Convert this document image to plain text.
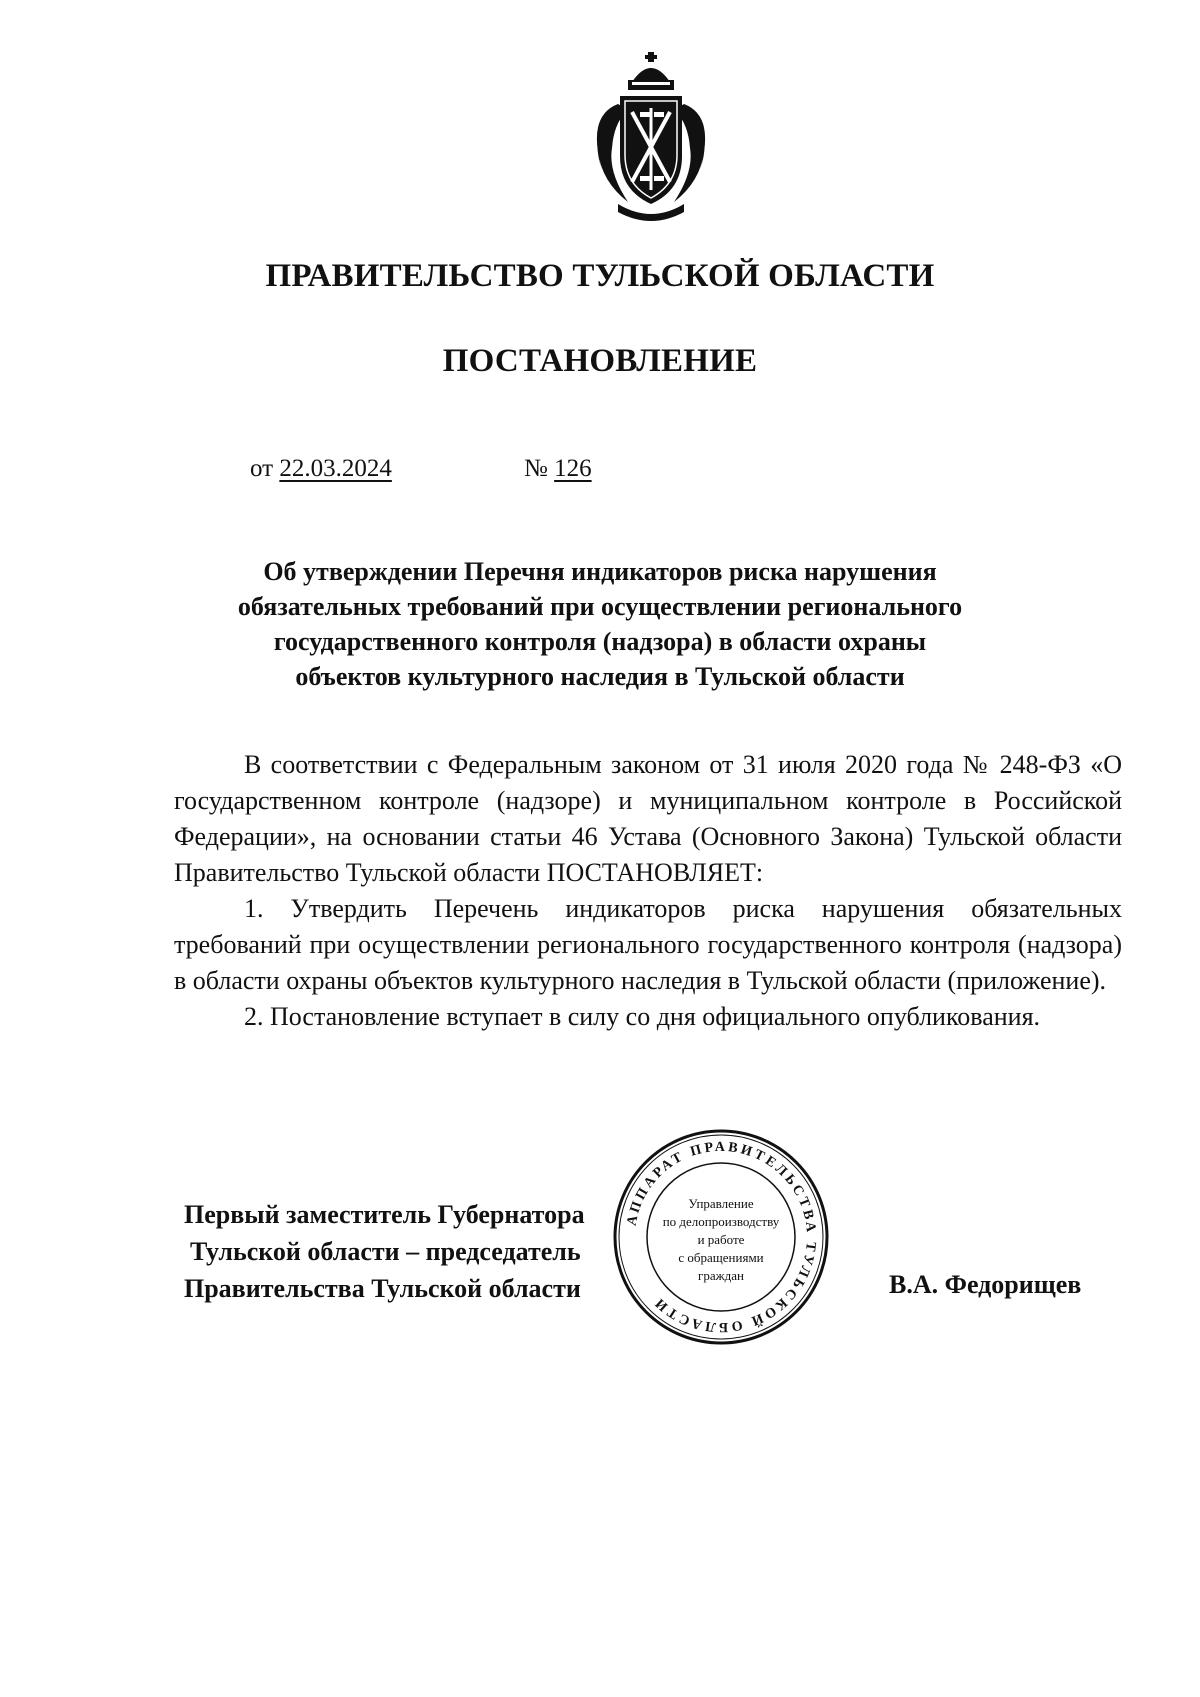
ПРАВИТЕЛЬСТВО ТУЛЬСКОЙ ОБЛАСТИ
ПОСТАНОВЛЕНИЕ
от 22.03.2024	№ 126
Об утверждении Перечня индикаторов риска нарушения
обязательных требований при осуществлении регионального
государственного контроля (надзора) в области охраны
объектов культурного наследия в Тульской области

В соответствии с Федеральным законом от 31 июля 2020 года № 248-ФЗ «О государственном контроле (надзоре) и муниципальном контроле в Российской Федерации», на основании статьи 46 Устава (Основного Закона) Тульской области Правительство Тульской области ПОСТАНОВЛЯЕТ:

1. Утвердить Перечень индикаторов риска нарушения обязательных требований при осуществлении регионального государственного контроля (надзора) в области охраны объектов культурного наследия в Тульской области (приложение).

2. Постановление вступает в силу со дня официального опубликования.

Первый заместитель Губернатора
Тульской области – председатель
Правительства Тульской области
АППАРАТ ПРАВИТЕЛЬСТВА ТУЛЬСКОЙ ОБЛАСТИ
Управление
по делопроизводству
и работе
с обращениями
граждан	В.А. Федорищев
